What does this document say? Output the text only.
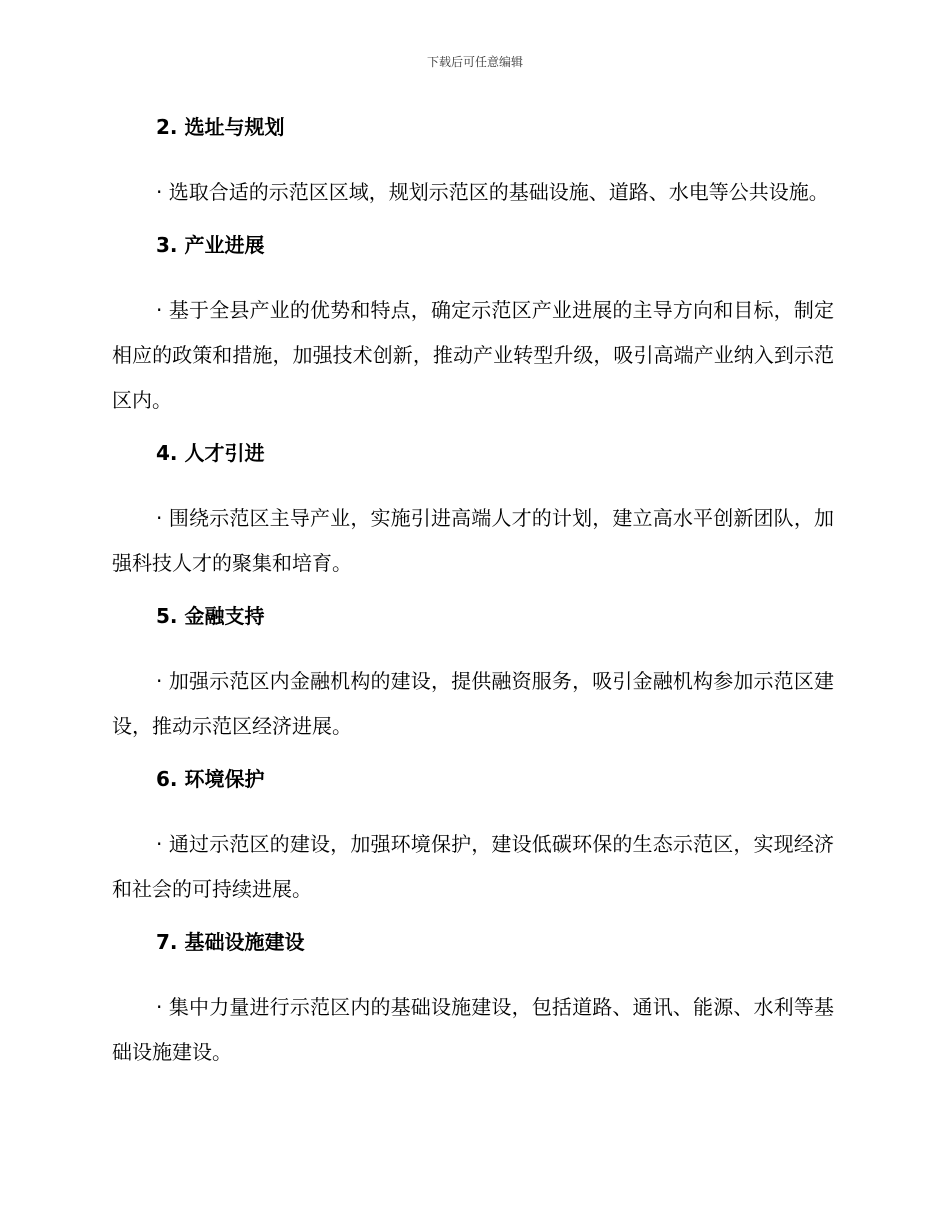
下载后可任意编辑
2. 选址与规划

· 选取合适的示范区区域，规划示范区的基础设施、道路、水电等公共设施。

3. 产业进展

· 基于全县产业的优势和特点，确定示范区产业进展的主导方向和目标，制定相应的政策和措施，加强技术创新，推动产业转型升级，吸引高端产业纳入到示范区内。

4. 人才引进

· 围绕示范区主导产业，实施引进高端人才的计划，建立高水平创新团队，加强科技人才的聚集和培育。

5. 金融支持

· 加强示范区内金融机构的建设，提供融资服务，吸引金融机构参加示范区建设，推动示范区经济进展。

6. 环境保护

· 通过示范区的建设，加强环境保护，建设低碳环保的生态示范区，实现经济和社会的可持续进展。

7. 基础设施建设

· 集中力量进行示范区内的基础设施建设，包括道路、通讯、能源、水利等基础设施建设。
